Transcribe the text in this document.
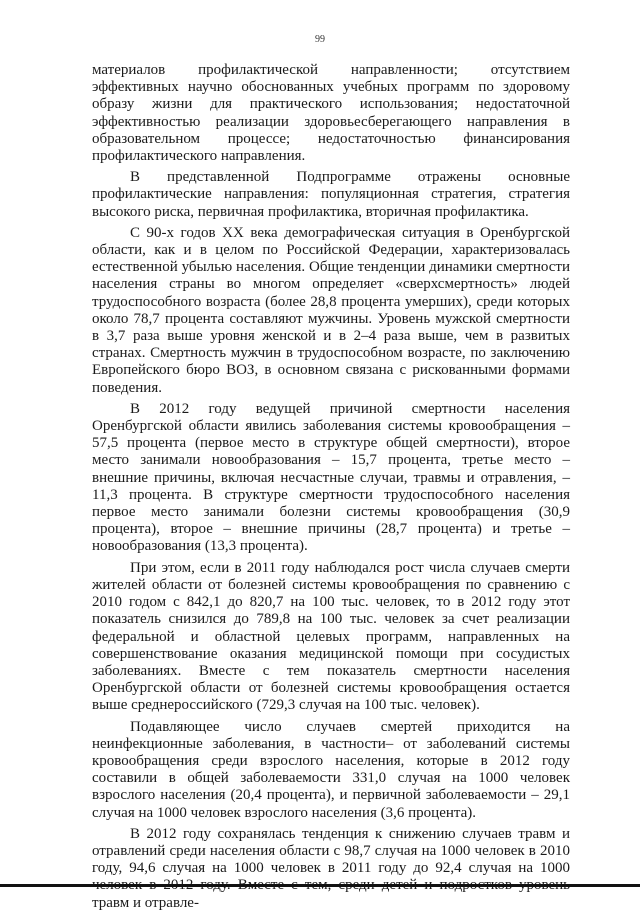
99

материалов профилактической направленности; отсутствием эффективных научно обоснованных учебных программ по здоровому образу жизни для практического использования; недостаточной эффективностью реализации здоровьесберегающего направления в образовательном процессе; недостаточностью финансирования профилактического направления.

В представленной Подпрограмме отражены основные профилактические направления: популяционная стратегия, стратегия высокого риска, первичная профилактика, вторичная профилактика.

С 90-х годов XX века демографическая ситуация в Оренбургской области, как и в целом по Российской Федерации, характеризовалась естественной убылью населения. Общие тенденции динамики смертности населения страны во многом определяет «сверхсмертность» людей трудоспособного возраста (более 28,8 процента умерших), среди которых около 78,7 процента составляют мужчины. Уровень мужской смертности в 3,7 раза выше уровня женской и в 2–4 раза выше, чем в развитых странах. Смертность мужчин в трудоспособном возрасте, по заключению Европейского бюро ВОЗ, в основном связана с рискованными формами поведения.

В 2012 году ведущей причиной смертности населения Оренбургской области явились заболевания системы кровообращения – 57,5 процента (первое место в структуре общей смертности), второе место занимали новообразования – 15,7 процента, третье место – внешние причины, включая несчастные случаи, травмы и отравления, – 11,3 процента. В структуре смертности трудоспособного населения первое место занимали болезни системы кровообращения (30,9 процента), второе – внешние причины (28,7 процента) и третье – новообразования (13,3 процента).

При этом, если в 2011 году наблюдался рост числа случаев смерти жителей области от болезней системы кровообращения по сравнению с 2010 годом с 842,1 до 820,7 на 100 тыс. человек, то в 2012 году этот показатель снизился до 789,8 на 100 тыс. человек за счет реализации федеральной и областной целевых программ, направленных на совершенствование оказания медицинской помощи при сосудистых заболеваниях. Вместе с тем показатель смертности населения Оренбургской области от болезней системы кровообращения остается выше среднероссийского (729,3 случая на 100 тыс. человек).

Подавляющее число случаев смертей приходится на неинфекционные заболевания, в частности– от заболеваний системы кровообращения среди взрослого населения, которые в 2012 году составили в общей заболеваемости 331,0 случая на 1000 человек взрослого населения (20,4 процента), и первичной заболеваемости – 29,1 случая на 1000 человек взрослого населения (3,6 процента).

В 2012 году сохранялась тенденция к снижению случаев травм и отравлений среди населения области с 98,7 случая на 1000 человек в 2010 году, 94,6 случая на 1000 человек в 2011 году до 92,4 случая на 1000 травм и отравле-
